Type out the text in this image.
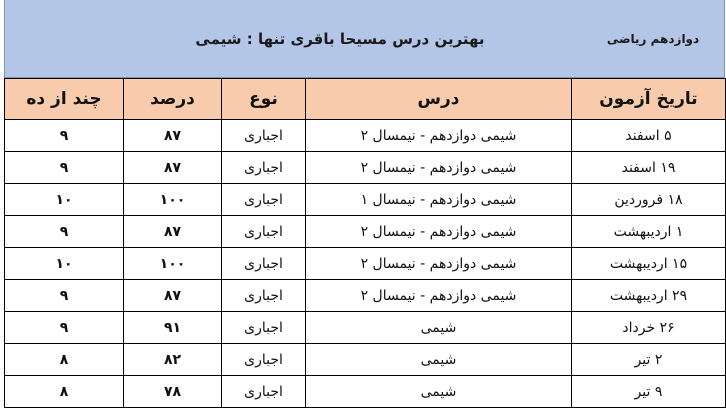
دوازدهم ریاضی
بهترین درس مسیحا باقری تنها : شیمی
تاریخ آزمون	درس	نوع	درصد	چند از ده
۵ اسفند	شیمی دوازدهم - نیمسال ۲	اجباری	۸۷	۹
۱۹ اسفند	شیمی دوازدهم - نیمسال ۲	اجباری	۸۷	۹
۱۸ فروردین	شیمی دوازدهم - نیمسال ۱	اجباری	۱۰۰	۱۰
۱ اردیبهشت	شیمی دوازدهم - نیمسال ۲	اجباری	۸۷	۹
۱۵ اردیبهشت	شیمی دوازدهم - نیمسال ۲	اجباری	۱۰۰	۱۰
۲۹ اردیبهشت	شیمی دوازدهم - نیمسال ۲	اجباری	۸۷	۹
۲۶ خرداد	شیمی	اجباری	۹۱	۹
۲ تیر	شیمی	اجباری	۸۲	۸
۹ تیر	شیمی	اجباری	۷۸	۸
